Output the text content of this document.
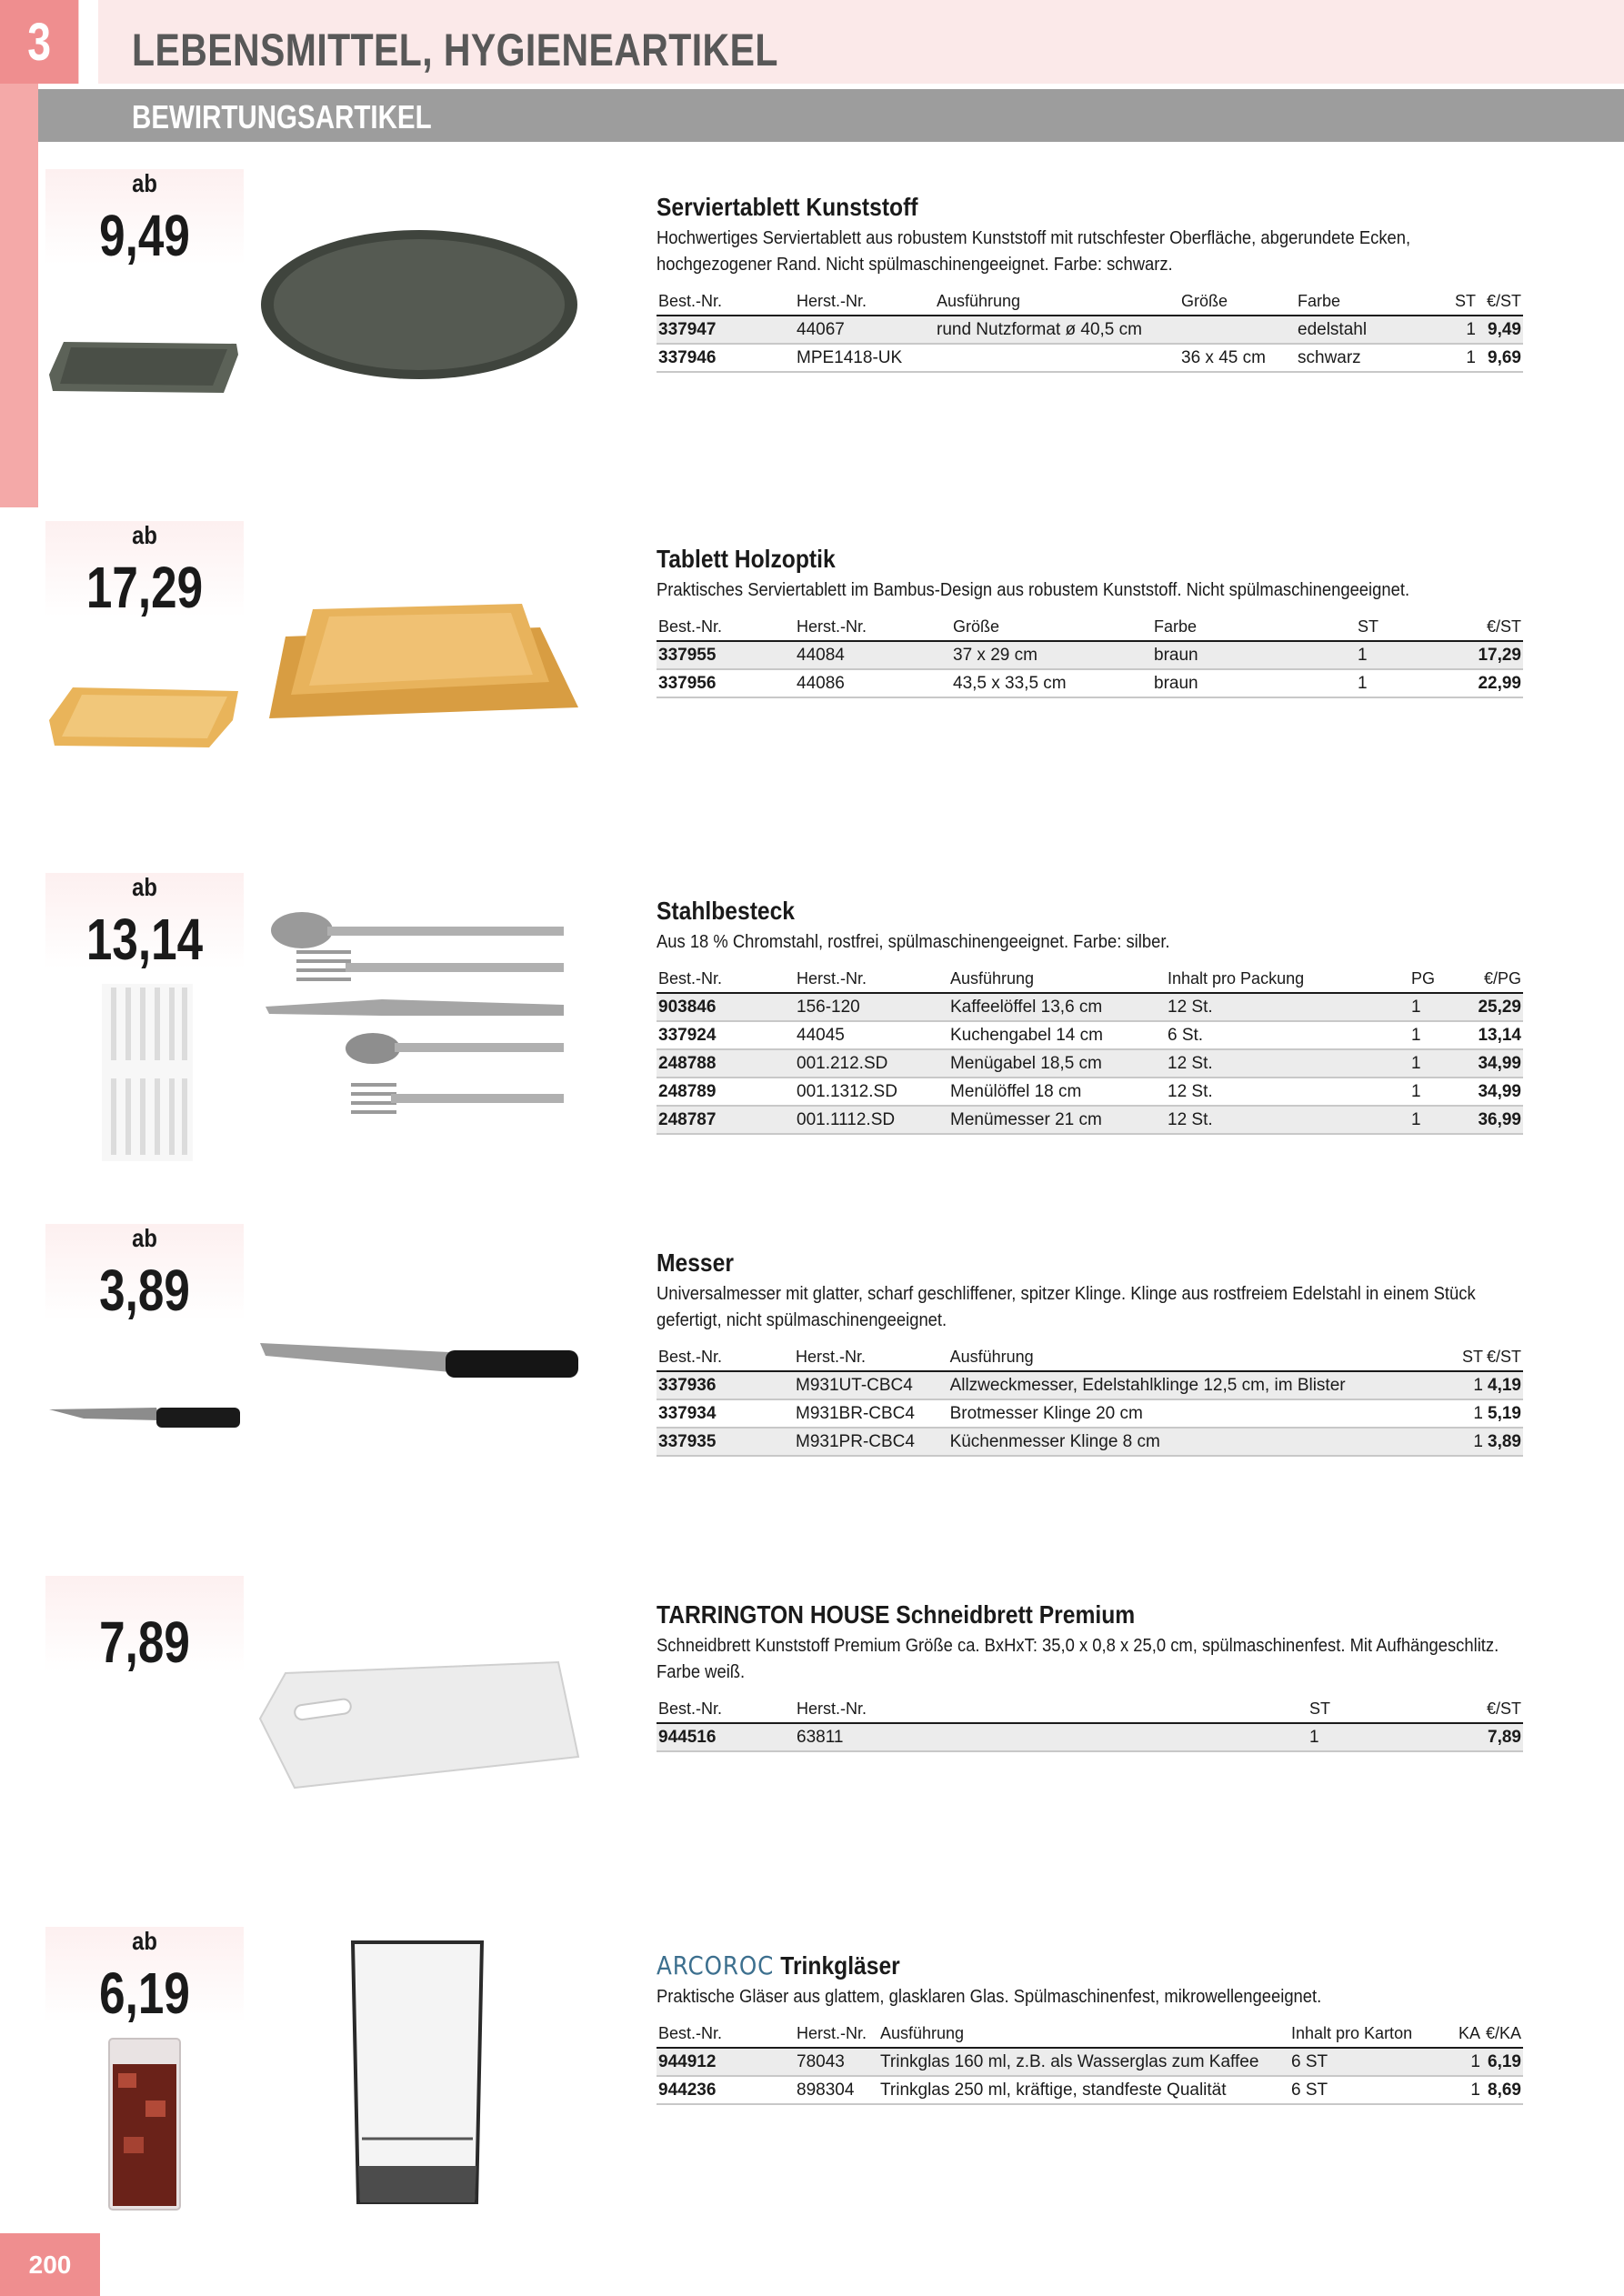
3	LEBENSMITTEL, HYGIENEARTIKEL
BEWIRTUNGSARTIKEL
ab
9,49	Serviertablett Kunststoff
Hochwertiges Serviertablett aus robustem Kunststoff mit rutschfester Oberfläche, abgerundete Ecken, hochgezogener Rand. Nicht spülmaschinengeeignet. Farbe: schwarz.
Best.-Nr.	Herst.-Nr.	Ausführung	Größe	Farbe	ST	€/ST
337947	44067	rund Nutzformat ø 40,5 cm		edelstahl	1	9,49
337946	MPE1418-UK		36 x 45 cm	schwarz	1	9,69
ab
17,29	Tablett Holzoptik
Praktisches Serviertablett im Bambus-Design aus robustem Kunststoff. Nicht spülmaschinengeeignet.
Best.-Nr.	Herst.-Nr.	Größe	Farbe	ST	€/ST
337955	44084	37 x 29 cm	braun	1	17,29
337956	44086	43,5 x 33,5 cm	braun	1	22,99
ab
13,14	Stahlbesteck
Aus 18 % Chromstahl, rostfrei, spülmaschinengeeignet. Farbe: silber.
Best.-Nr.	Herst.-Nr.	Ausführung	Inhalt pro Packung	PG	€/PG
903846	156-120	Kaffeelöffel 13,6 cm	12 St.	1	25,29
337924	44045	Kuchengabel 14 cm	6 St.	1	13,14
248788	001.212.SD	Menügabel 18,5 cm	12 St.	1	34,99
248789	001.1312.SD	Menülöffel 18 cm	12 St.	1	34,99
248787	001.1112.SD	Menümesser 21 cm	12 St.	1	36,99
ab
3,89	Messer
Universalmesser mit glatter, scharf geschliffener, spitzer Klinge. Klinge aus rostfreiem Edelstahl in einem Stück gefertigt, nicht spülmaschinengeeignet.
Best.-Nr.	Herst.-Nr.	Ausführung	ST	€/ST
337936	M931UT-CBC4	Allzweckmesser, Edelstahlklinge 12,5 cm, im Blister	1	4,19
337934	M931BR-CBC4	Brotmesser Klinge 20 cm	1	5,19
337935	M931PR-CBC4	Küchenmesser Klinge 8 cm	1	3,89
7,89	TARRINGTON HOUSE Schneidbrett Premium
Schneidbrett Kunststoff Premium Größe ca. BxHxT: 35,0 x 0,8 x 25,0 cm, spülmaschinenfest. Mit Aufhängeschlitz. Farbe weiß.
Best.-Nr.	Herst.-Nr.	ST	€/ST
944516	63811	1	7,89
ab
6,19	ARCOROC Trinkgläser
Praktische Gläser aus glattem, glasklaren Glas. Spülmaschinenfest, mikrowellengeeignet.
Best.-Nr.	Herst.-Nr.	Ausführung	Inhalt pro Karton	KA	€/KA
944912	78043	Trinkglas 160 ml, z.B. als Wasserglas zum Kaffee	6 ST	1	6,19
944236	898304	Trinkglas 250 ml, kräftige, standfeste Qualität	6 ST	1	8,69
200
